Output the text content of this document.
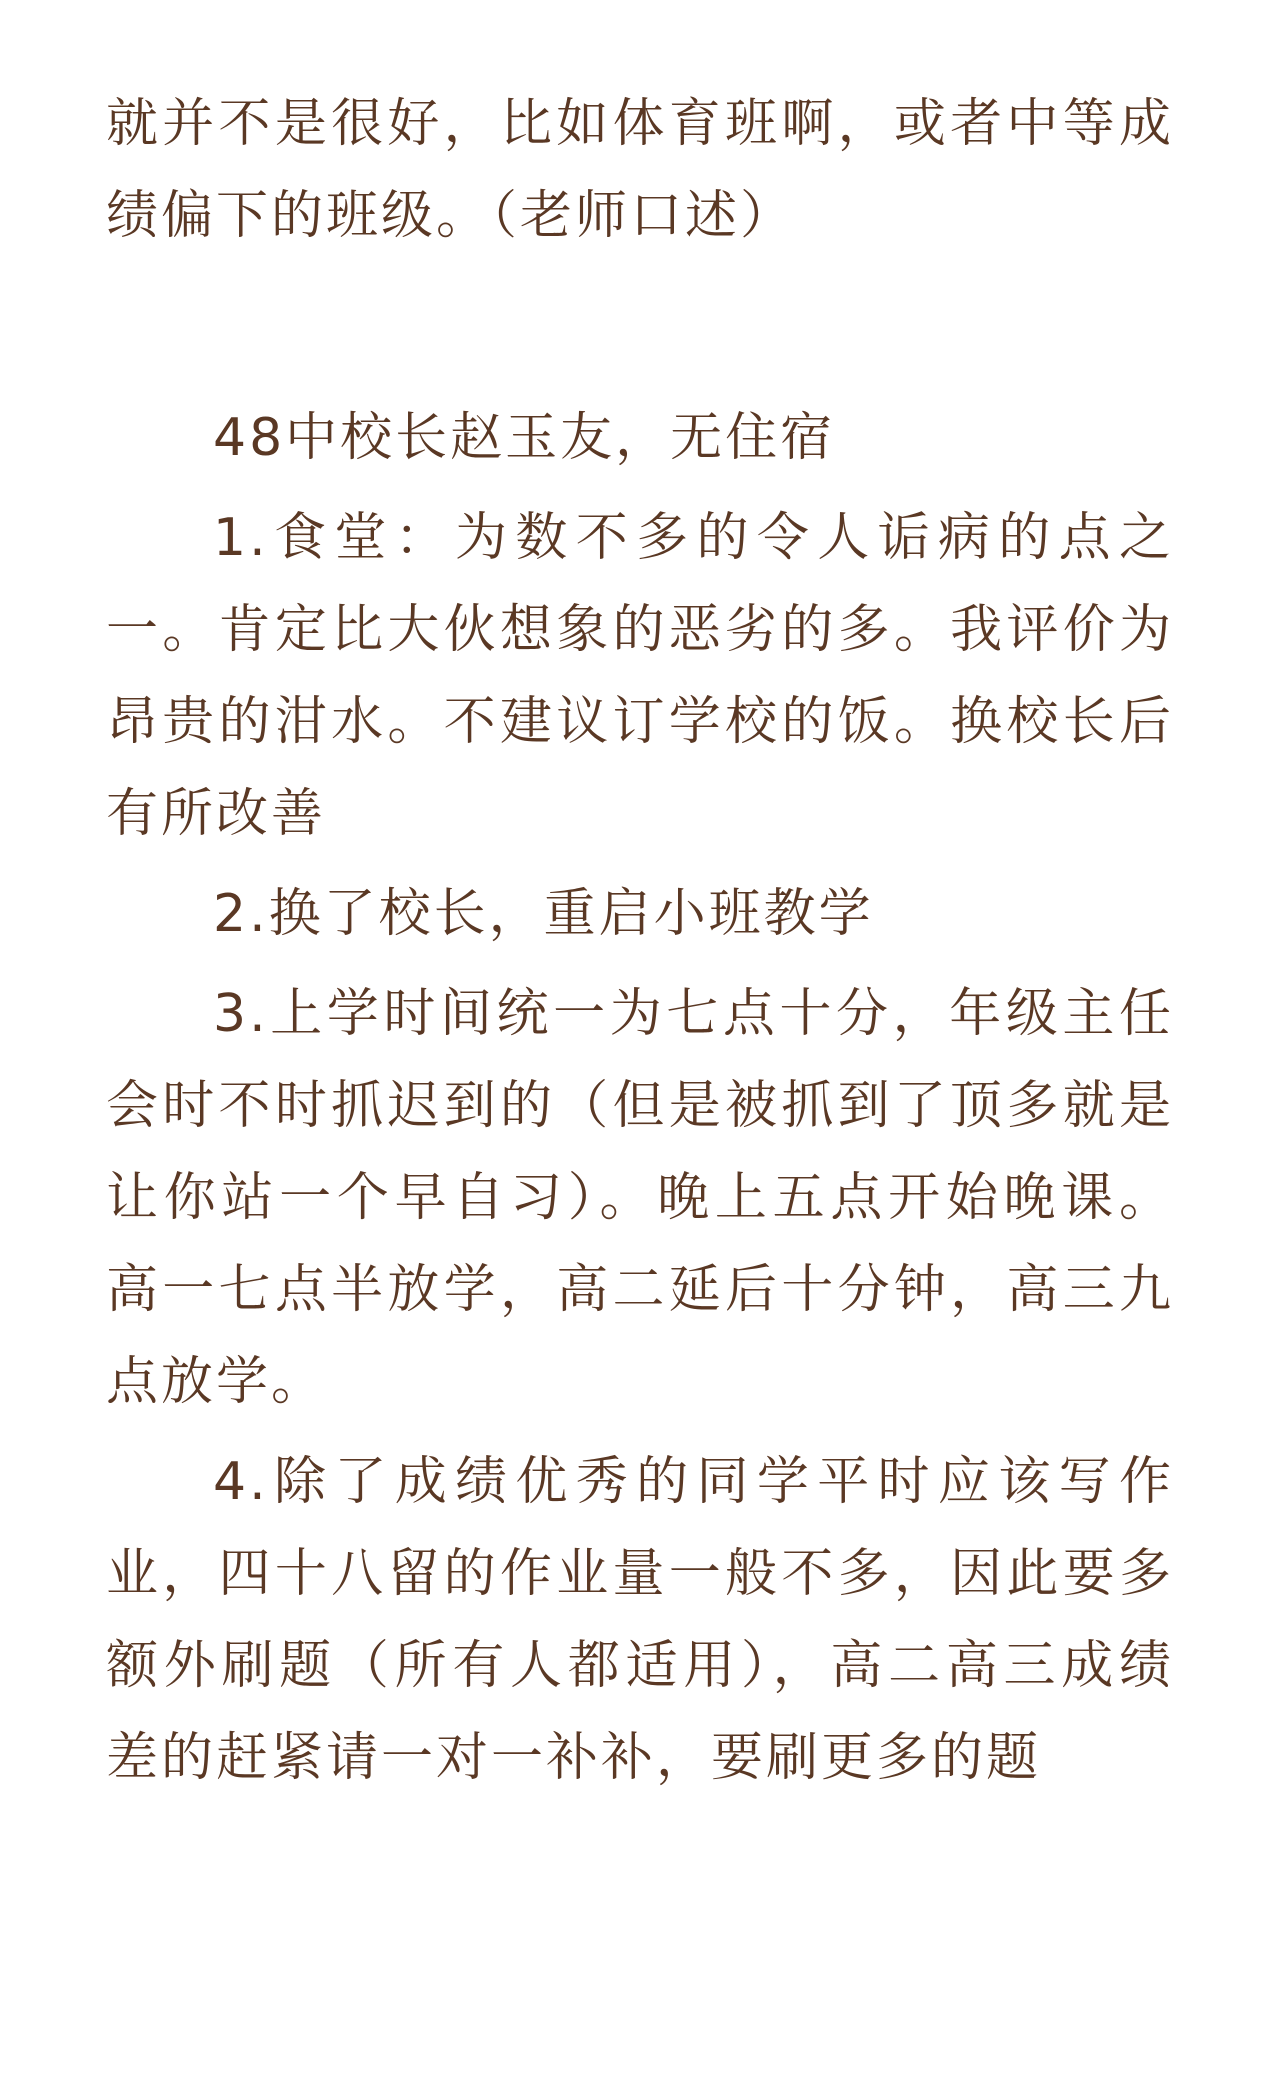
就并不是很好，比如体育班啊，或者中等成绩偏下的班级。（老师口述）

48中校长赵玉友，无住宿

1.食堂：为数不多的令人诟病的点之一。肯定比大伙想象的恶劣的多。我评价为昂贵的泔水。不建议订学校的饭。换校长后有所改善

2.换了校长，重启小班教学

3.上学时间统一为七点十分，年级主任会时不时抓迟到的（但是被抓到了顶多就是让你站一个早自习）。晚上五点开始晚课。高一七点半放学，高二延后十分钟，高三九点放学。

4.除了成绩优秀的同学平时应该写作业，四十八留的作业量一般不多，因此要多额外刷题（所有人都适用），高二高三成绩差的赶紧请一对一补补，要刷更多的题
